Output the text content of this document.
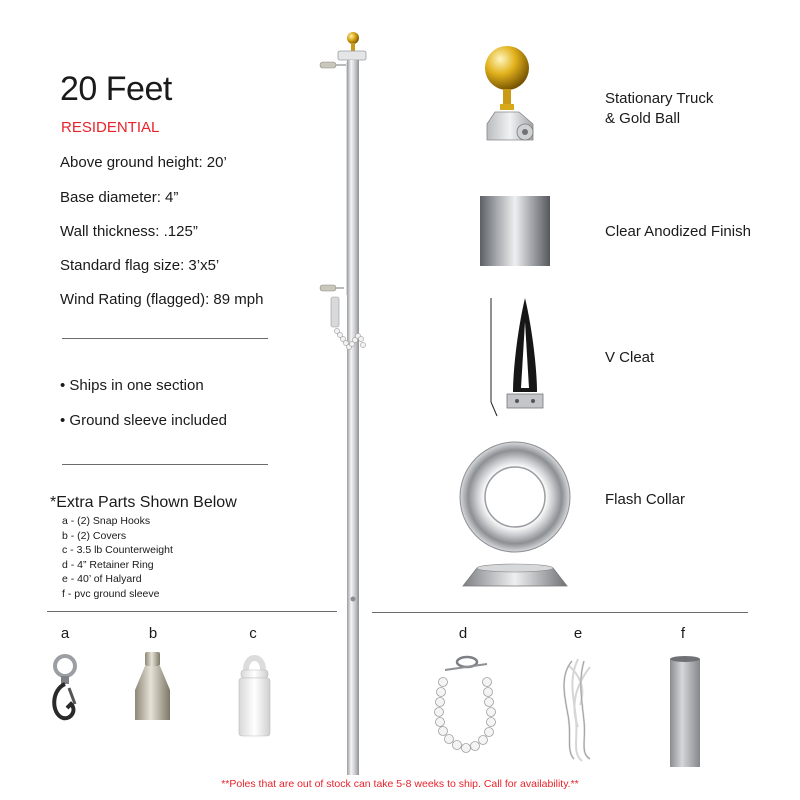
20 Feet
RESIDENTIAL
Above ground height: 20’
Base diameter: 4”
Wall thickness: .125”
Standard flag size: 3’x5’
Wind Rating (flagged): 89 mph
• Ships in one section
• Ground sleeve included
*Extra Parts Shown Below
a - (2) Snap Hooks
b - (2) Covers
c - 3.5 lb Counterweight
d - 4” Retainer Ring
e - 40’ of Halyard
f - pvc ground sleeve
Stationary Truck
& Gold Ball
Clear Anodized Finish
V Cleat
Flash Collar
a	b	c	d	e	f
**Poles that are out of stock can take 5-8 weeks to ship. Call for availability.**
